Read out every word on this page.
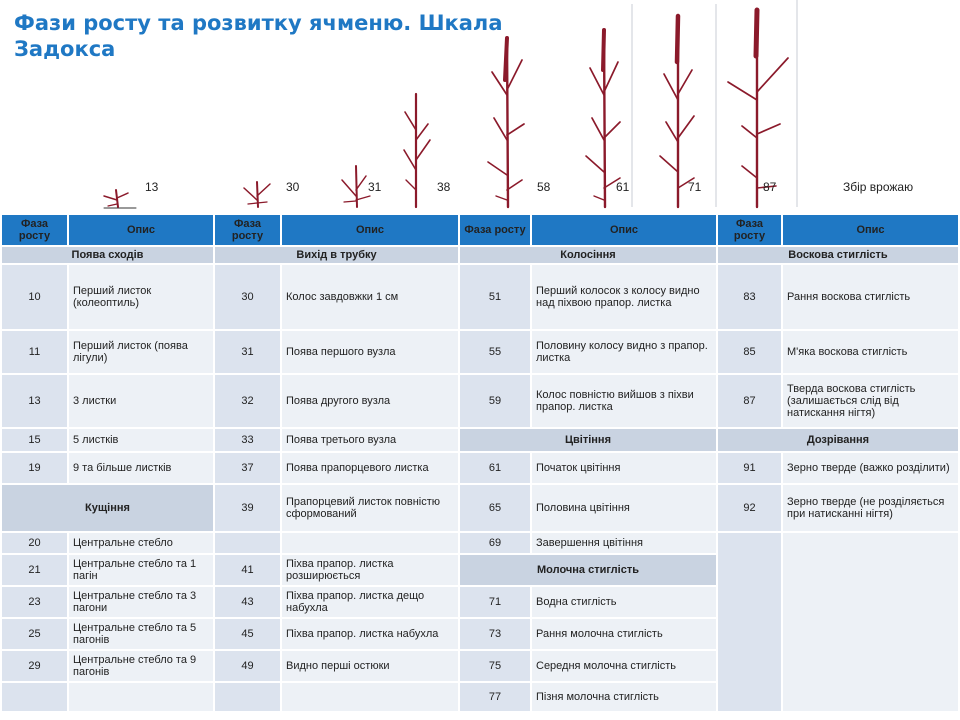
Фази росту та розвитку ячменю. Шкала Задокса
13	30	31	38	58	61	71	87	Збір врожаю
Фаза росту	Опис	Фаза росту	Опис	Фаза росту	Опис	Фаза росту	Опис
Поява сходів		Вихід в трубку		Колосіння		Воскова стиглість	
10	Перший листок (колеоптиль)	30	Колос завдовжки 1 см	51	Перший колосок з колосу видно над піхвою прапор. листка	83	Рання воскова стиглість
11	Перший листок (поява лігули)	31	Поява першого вузла	55	Половину колосу видно з прапор. листка	85	М'яка воскова стиглість
13	3 листки	32	Поява другого вузла	59	Колос повністю вийшов з піхви прапор. листка	87	Тверда воскова стиглість (залишається слід від натискання нігтя)
15	5 листків	33	Поява третього вузла	Цвітіння		Дозрівання	
19	9 та більше листків	37	Поява прапорцевого листка	61	Початок цвітіння	91	Зерно тверде (важко розділити)
Кущіння		39	Прапорцевий листок повністю сформований	65	Половина цвітіння	92	Зерно тверде (не розділяється при натисканні нігтя)
20	Центральне стебло			69	Завершення цвітіння		
21	Центральне стебло та 1 пагін	41	Піхва прапор. листка розширюється	Молочна стиглість			
23	Центральне стебло та 3 пагони	43	Піхва прапор. листка дещо набухла	71	Водна стиглість		
25	Центральне стебло та 5 пагонів	45	Піхва прапор. листка набухла	73	Рання молочна стиглість		
29	Центральне стебло та 9 пагонів	49	Видно перші остюки	75	Середня молочна стиглість		
				77	Пізня молочна стиглість		
